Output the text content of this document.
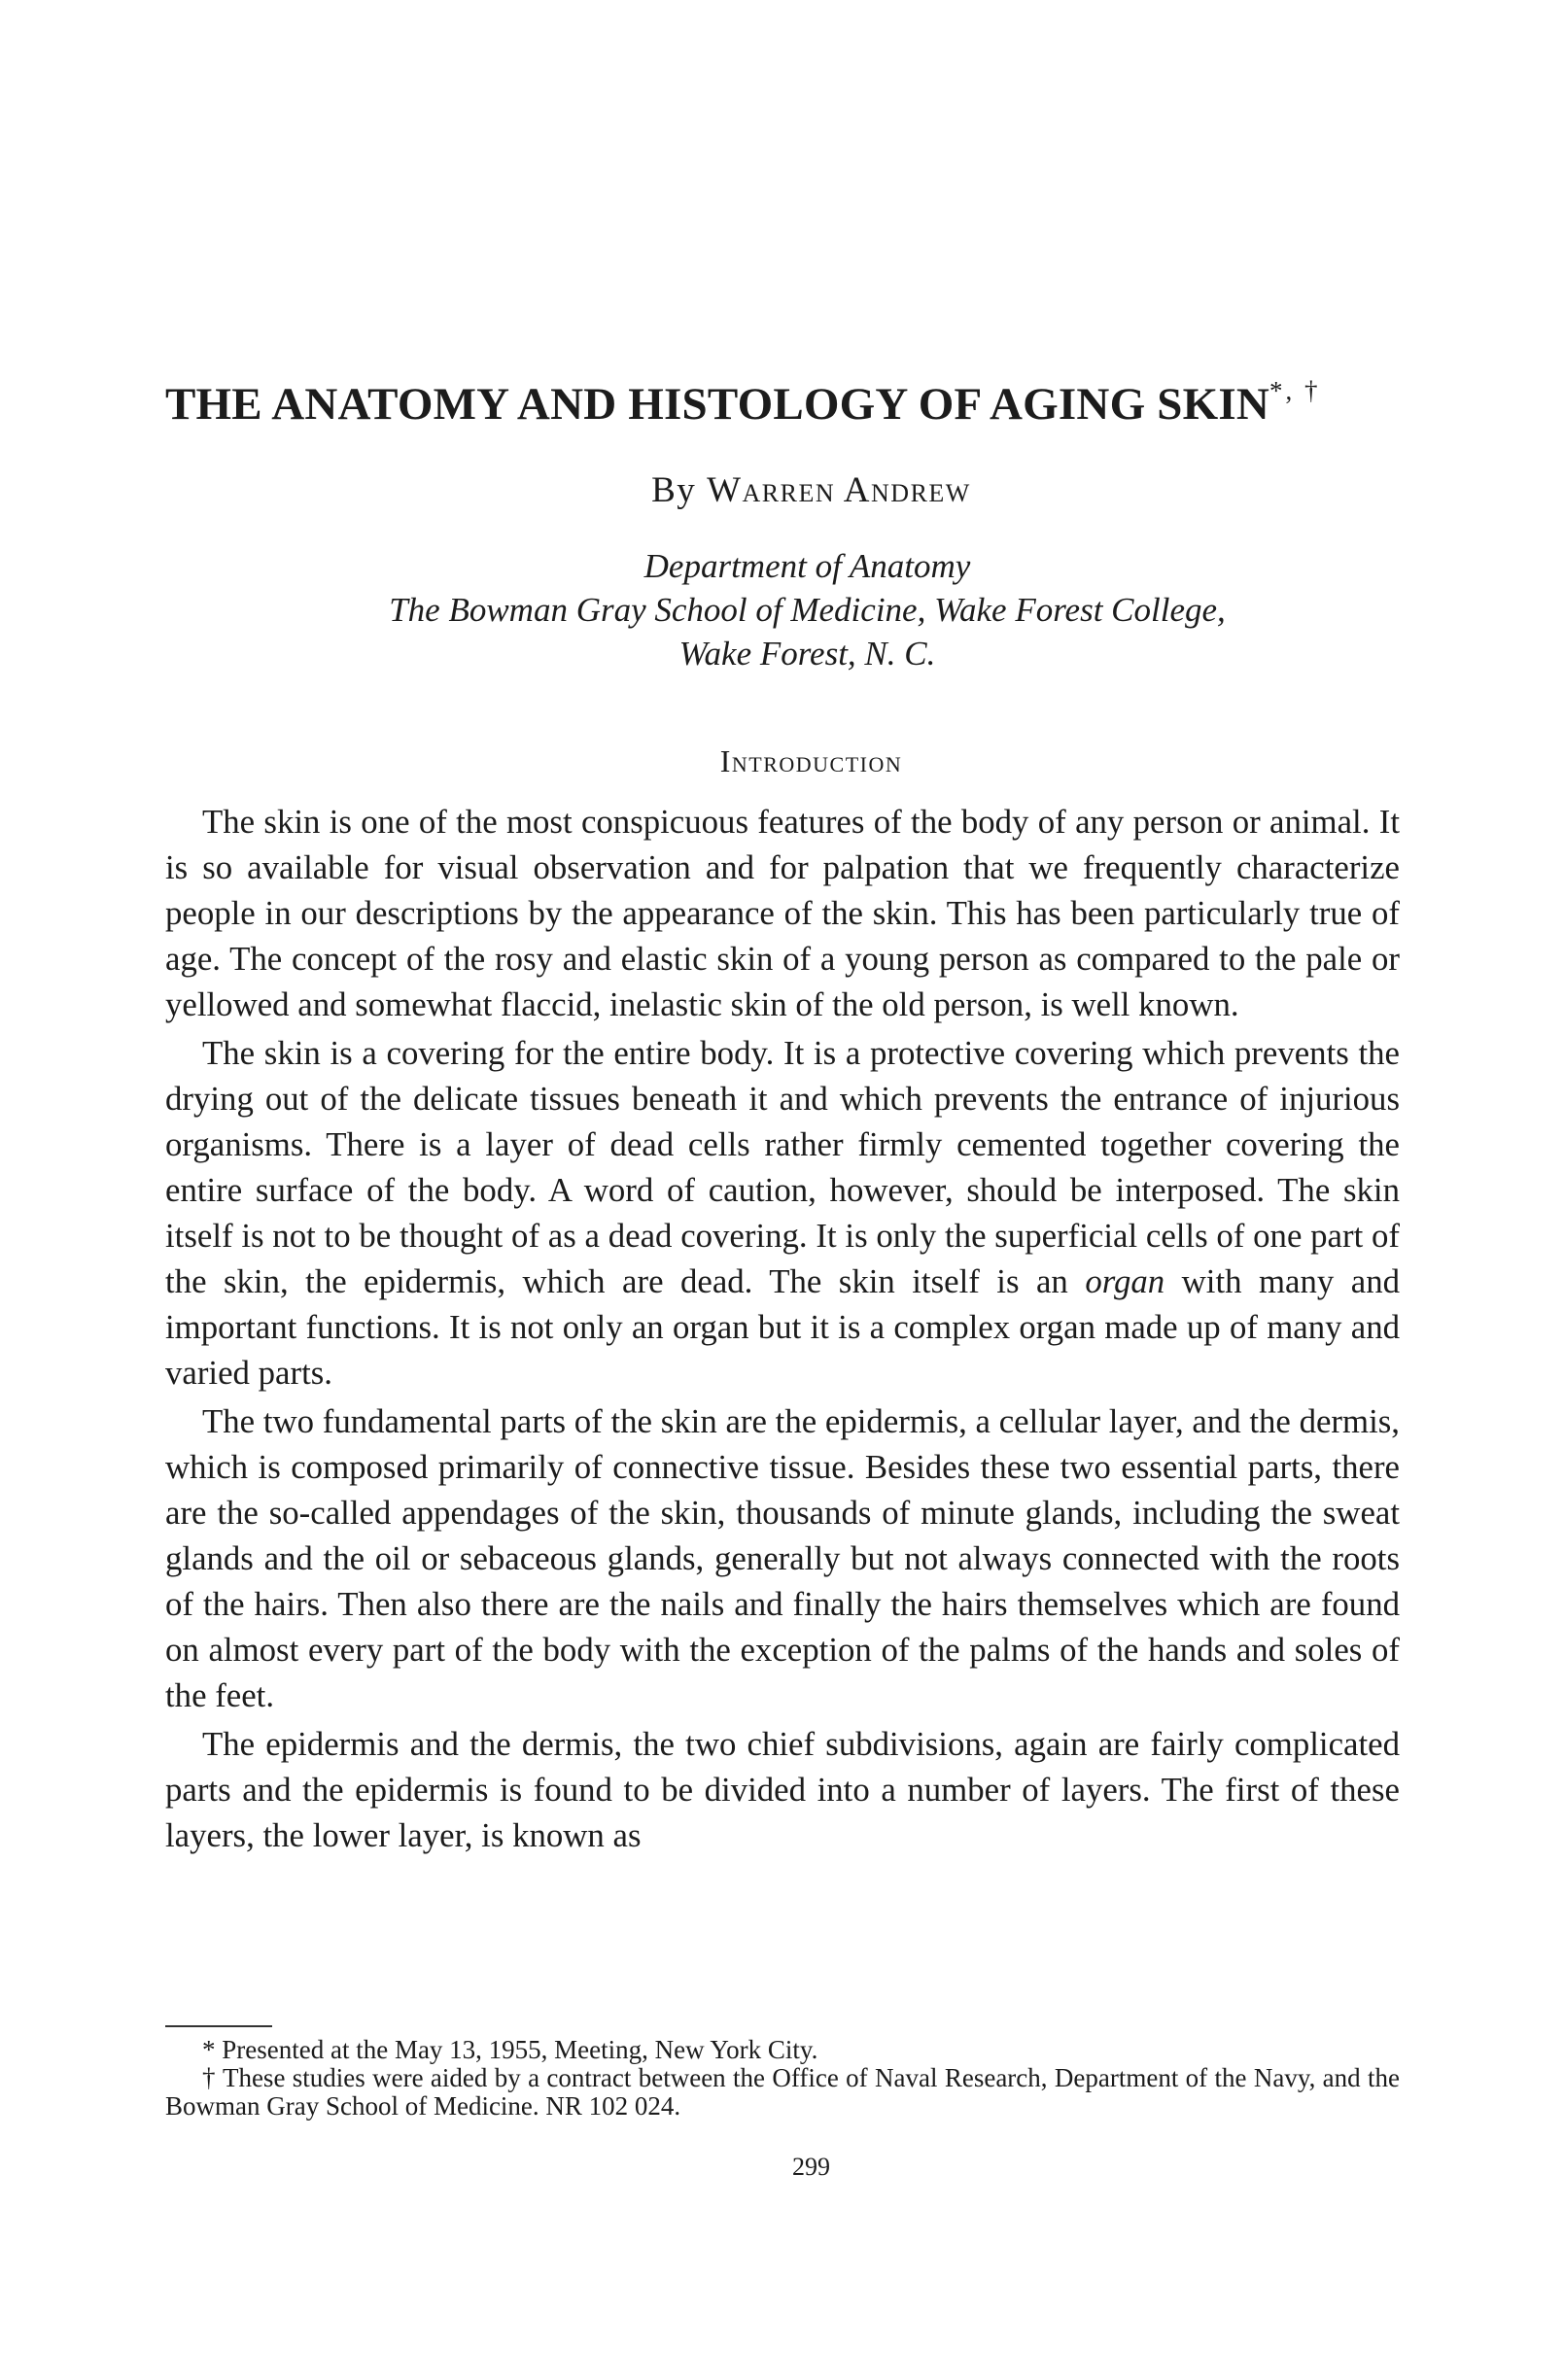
THE ANATOMY AND HISTOLOGY OF AGING SKIN*, †
By Warren Andrew
Department of Anatomy
The Bowman Gray School of Medicine, Wake Forest College,
Wake Forest, N. C.
Introduction

The skin is one of the most conspicuous features of the body of any person or animal. It is so available for visual observation and for palpation that we frequently characterize people in our descriptions by the appearance of the skin. This has been particularly true of age. The concept of the rosy and elastic skin of a young person as compared to the pale or yellowed and somewhat flaccid, inelastic skin of the old person, is well known.

The skin is a covering for the entire body. It is a protective covering which prevents the drying out of the delicate tissues beneath it and which prevents the entrance of injurious organisms. There is a layer of dead cells rather firmly cemented together covering the entire surface of the body. A word of caution, however, should be interposed. The skin itself is not to be thought of as a dead covering. It is only the superficial cells of one part of the skin, the epidermis, which are dead. The skin itself is an organ with many and important functions. It is not only an organ but it is a complex organ made up of many and varied parts.

The two fundamental parts of the skin are the epidermis, a cellular layer, and the dermis, which is composed primarily of connective tissue. Besides these two essential parts, there are the so-called appendages of the skin, thousands of minute glands, including the sweat glands and the oil or sebaceous glands, generally but not always connected with the roots of the hairs. Then also there are the nails and finally the hairs themselves which are found on almost every part of the body with the exception of the palms of the hands and soles of the feet.

The epidermis and the dermis, the two chief subdivisions, again are fairly complicated parts and the epidermis is found to be divided into a number of layers. The first of these layers, the lower layer, is known as

* Presented at the May 13, 1955, Meeting, New York City.

† These studies were aided by a contract between the Office of Naval Research, Department of the Navy, and the Bowman Gray School of Medicine. NR 102 024.

299
